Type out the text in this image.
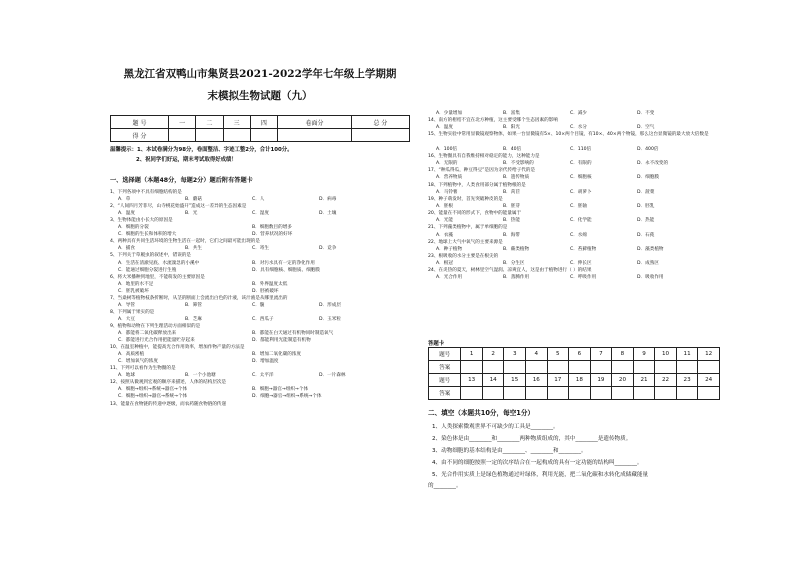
黑龙江省双鸭山市集贤县2021-2022学年七年级上学期期
末模拟生物试题（九）
题 号	一	二	三	四	卷面分	总 分
得 分						
温馨提示：1、本试卷满分为98分，卷面整洁、字迹工整2分，合计100分。
2、祝同学们好运，期末考试取得好成绩！
一、选择题（本题48分，每题2分）题后附有答题卡
1、下列各项中不具有细胞结构的是
A．草	B．蘑菇	C．人	D．病毒
2、“人间四月芳菲尽，山寺桃花始盛开”造成这一差异的生态因素是
A．温度	B．光	C．湿度	D．土壤
3、生物体能由小长大的原因是
A．细胞的分裂	B．细胞数目的增多
C．细胞的生长和体积的增大	D．营养状况的好坏
4、两种具有共同生活环境的生物生活在一起时，它们之间最可能出现的是
A．捕食	B．共生	C．寄生	D．竞争
5、下列关于草履虫的叙述中，错误的是
A．生活在清澈见底、水流湍急的小溪中	B．对污水具有一定的净化作用
C．能通过细胞分裂进行生殖	D．具有细胞核、细胞质、细胞膜
6、将大米播种到地里，不能萌发的主要原因是
A．地里的水不足	B．外界温度太低
C．胚乳被破坏	D．胚被破坏
7、当桑树等植物枝条折断时，从茎的断面上会流出白色的汁液，该汁液是从哪里流出的
A．导管	B．筛管	C．髓	D．形成层
8、下列属于果实的是
A．大豆	B．芝麻	C．西瓜子	D．玉米粒
9、植物和动物在下列生理活动方面相似的是
A．都能将二氧化碳释放出来	B．都能在白天通过有机物同时制造氧气
C．都能进行光合作用把能量贮存起来	D．都能利用光能制造有机物
10、在温室种植中，能提高光合作用效率，增加作物产量的方法是
A．高质密植	B．增加二氧化碳的浓度
C．增加氧气的浓度	D．增加温度
11、下列可以看作为生物圈的是
A．地球	B．一个小池塘	C．太平洋	D．一片森林
12、按照从微观到宏观的顺序来描述，人体的结构层次是
A．细胞→组织→系统→器官→个体	B．细胞→器官→组织→个体
C．细胞→组织→器官→系统→个体	D．细胞→器官→组织→系统→个体
13、能量在食物链的传递中逐级，而农药随食物链的传递
A．少量增加	B．富集	C．减少	D．不变
14、南方的柑桔不宜在北方种植，这主要受哪个生态因素的影响
A．温度	B．阳光	C．水分	D．空气
15、生物实验中常用显微镜观察物体，如果一台显微镜有5×、10×两个目镜，有10×、40×两个物镜，那么这台显微镜的最大放大倍数是
A．100倍	B．40倍	C．110倍	D．400倍
16、生物圈具有自我维持相对稳定的能力，这种能力是
A．无限的	B．不受影响的	C．有限的	D．永不改变的
17、“种瓜得瓜，种豆得豆”是因为亲代传给子代的是
A．营养物质	B．遗传物质	C．细胞核	D．细胞膜
18、下列植物中，人类食用部分属于植物根的是
A．马铃薯	B．莴苣	C．胡萝卜	D．菠菜
19、种子萌发时，首先突破种皮的是
A．胚根	B．胚芽	C．胚轴	D．胚乳
20、能量在不同的形式下，食物中的能量属于
A．光能	B．热能	C．化学能	D．热能
21、下列藻类植物中，属于单细胞的是
A．衣藻	B．海带	C．水绵	D．石莼
22、地球上大气中氧气的主要来源是
A．种子植物	B．蕨类植物	C．苔藓植物	D．藻类植物
23、根吸收的水分主要是在根尖的
A．根冠	B．分生区	C．伸长区	D．成熟区
24、在炎热的夏天，树林里空气湿润、凉爽宜人，这是由于植物进行（ ）的结果
A．光合作用	B．蒸腾作用	C．呼吸作用	D．吸收作用
答题卡
题号	1	2	3	4	5	6	7	8	9	10	11	12
答案												
题号	13	14	15	16	17	18	19	20	21	22	23	24
答案												
二、填空（本题共10分，每空1分）
1、人类探索微观世界不可缺少的工具是________。
2、染色体是由________和________两种物质组成的，其中________是遗传物质。
3、动物细胞的基本结构是由________、________和________。
4、由不同的细胞按照一定的次序结合在一起构成的具有一定功能的结构叫________。
5、光合作用实质上是绿色植物通过叶绿体，利用光能，把二氧化碳和水转化成储藏能量
的________。
